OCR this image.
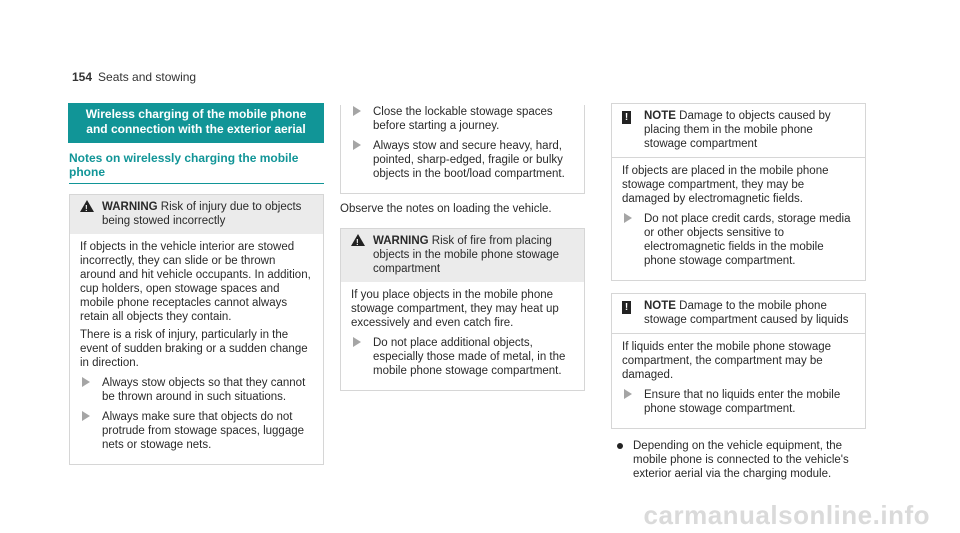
154 Seats and stowing
Wireless charging of the mobile phone and connection with the exterior aerial
Notes on wirelessly charging the mobile phone
!
WARNING Risk of injury due to objects being stowed incorrectly

If objects in the vehicle interior are stowed incorrectly, they can slide or be thrown around and hit vehicle occupants. In addition, cup holders, open stowage spaces and mobile phone receptacles cannot always retain all objects they contain.

There is a risk of injury, particularly in the event of sudden braking or a sudden change in direction.

Always stow objects so that they cannot be thrown around in such situations.
Always make sure that objects do not protrude from stowage spaces, luggage nets or stowage nets.
Close the lockable stowage spaces before starting a journey.
Always stow and secure heavy, hard, pointed, sharp-edged, fragile or bulky objects in the boot/load compartment.

Observe the notes on loading the vehicle.

!
WARNING Risk of fire from placing objects in the mobile phone stowage compartment

If you place objects in the mobile phone stowage compartment, they may heat up excessively and even catch fire.

Do not place additional objects, especially those made of metal, in the mobile phone stowage compartment.
!	NOTE Damage to objects caused by placing them in the mobile phone stowage compartment

If objects are placed in the mobile phone stowage compartment, they may be damaged by electromagnetic fields.

Do not place credit cards, storage media or other objects sensitive to electromagnetic fields in the mobile phone stowage compartment.
!	NOTE Damage to the mobile phone stowage compartment caused by liquids

If liquids enter the mobile phone stowage compartment, the compartment may be damaged.

Ensure that no liquids enter the mobile phone stowage compartment.
Depending on the vehicle equipment, the mobile phone is connected to the vehicle's exterior aerial via the charging module.
carmanualsonline.info
